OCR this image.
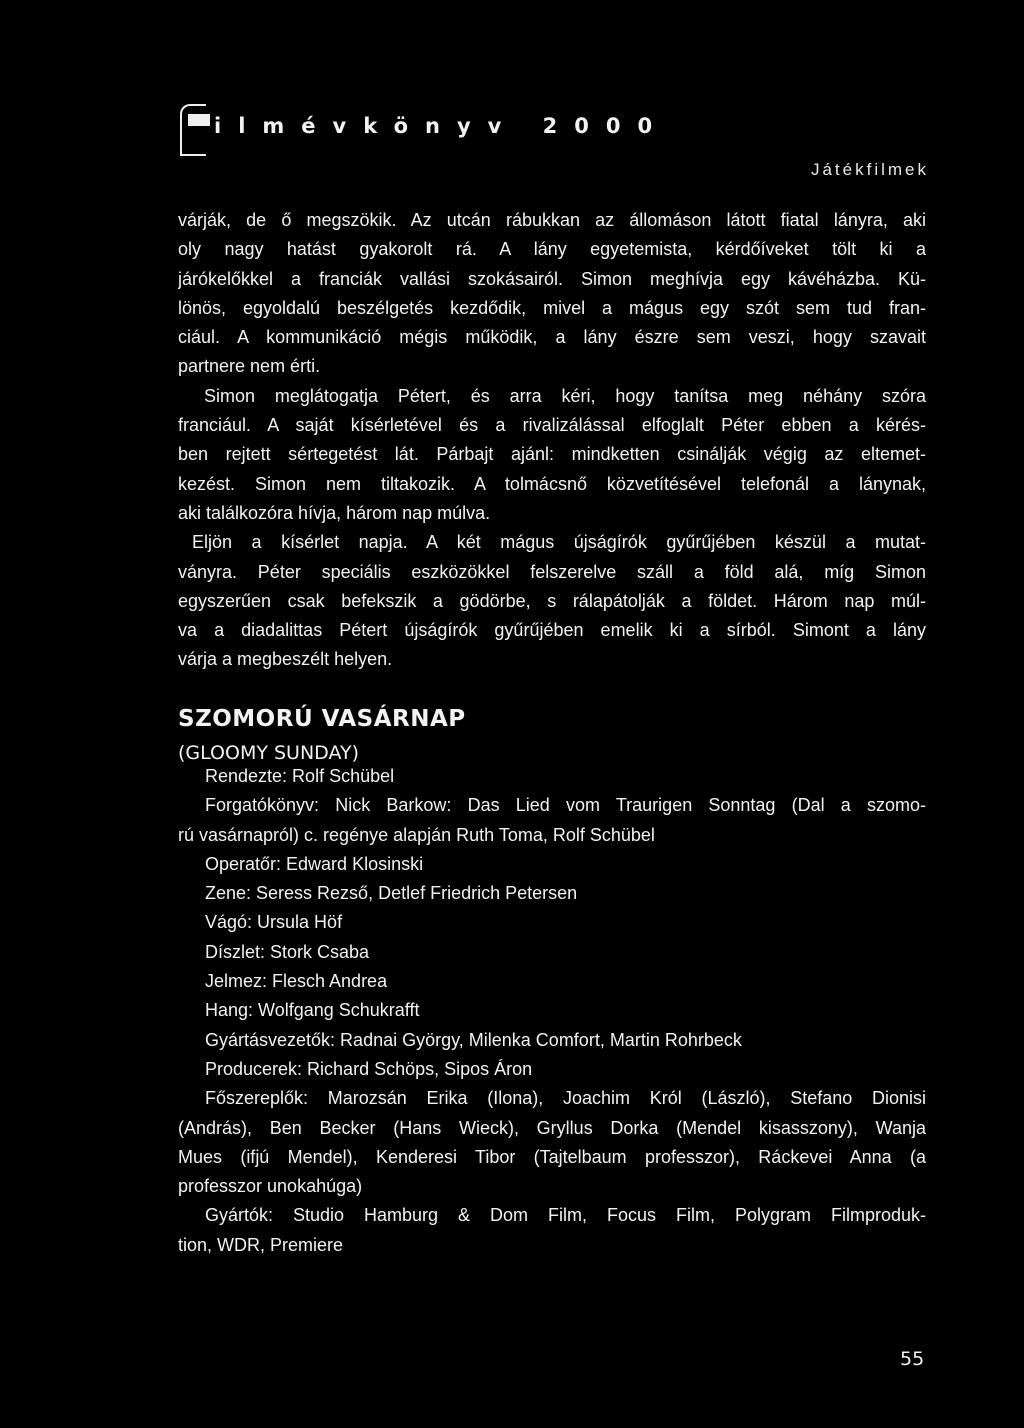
ilmévkönyv 2000
Játékfilmek
várják, de ő megszökik. Az utcán rábukkan az állomáson látott fiatal lányra, aki
oly nagy hatást gyakorolt rá. A lány egyetemista, kérdőíveket tölt ki a
járókelőkkel a franciák vallási szokásairól. Simon meghívja egy kávéházba. Kü-
lönös, egyoldalú beszélgetés kezdődik, mivel a mágus egy szót sem tud fran-
ciául. A kommunikáció mégis működik, a lány észre sem veszi, hogy szavait
partnere nem érti.
Simon meglátogatja Pétert, és arra kéri, hogy tanítsa meg néhány szóra
franciául. A saját kísérletével és a rivalizálással elfoglalt Péter ebben a kérés-
ben rejtett sértegetést lát. Párbajt ajánl: mindketten csinálják végig az eltemet-
kezést. Simon nem tiltakozik. A tolmácsnő közvetítésével telefonál a lánynak,
aki találkozóra hívja, három nap múlva.
Eljön a kísérlet napja. A két mágus újságírók gyűrűjében készül a mutat-
ványra. Péter speciális eszközökkel felszerelve száll a föld alá, míg Simon
egyszerűen csak befekszik a gödörbe, s rálapátolják a földet. Három nap múl-
va a diadalittas Pétert újságírók gyűrűjében emelik ki a sírból. Simont a lány
várja a megbeszélt helyen.
SZOMORÚ VASÁRNAP
(GLOOMY SUNDAY)
Rendezte: Rolf Schübel
Forgatókönyv: Nick Barkow: Das Lied vom Traurigen Sonntag (Dal a szomo-
rú vasárnapról) c. regénye alapján Ruth Toma, Rolf Schübel
Operatőr: Edward Klosinski
Zene: Seress Rezső, Detlef Friedrich Petersen
Vágó: Ursula Höf
Díszlet: Stork Csaba
Jelmez: Flesch Andrea
Hang: Wolfgang Schukrafft
Gyártásvezetők: Radnai György, Milenka Comfort, Martin Rohrbeck
Producerek: Richard Schöps, Sipos Áron
Főszereplők: Marozsán Erika (Ilona), Joachim Król (László), Stefano Dionisi
(András), Ben Becker (Hans Wieck), Gryllus Dorka (Mendel kisasszony), Wanja
Mues (ifjú Mendel), Kenderesi Tibor (Tajtelbaum professzor), Ráckevei Anna (a
professzor unokahúga)
Gyártók: Studio Hamburg & Dom Film, Focus Film, Polygram Filmproduk-
tion, WDR, Premiere
55
